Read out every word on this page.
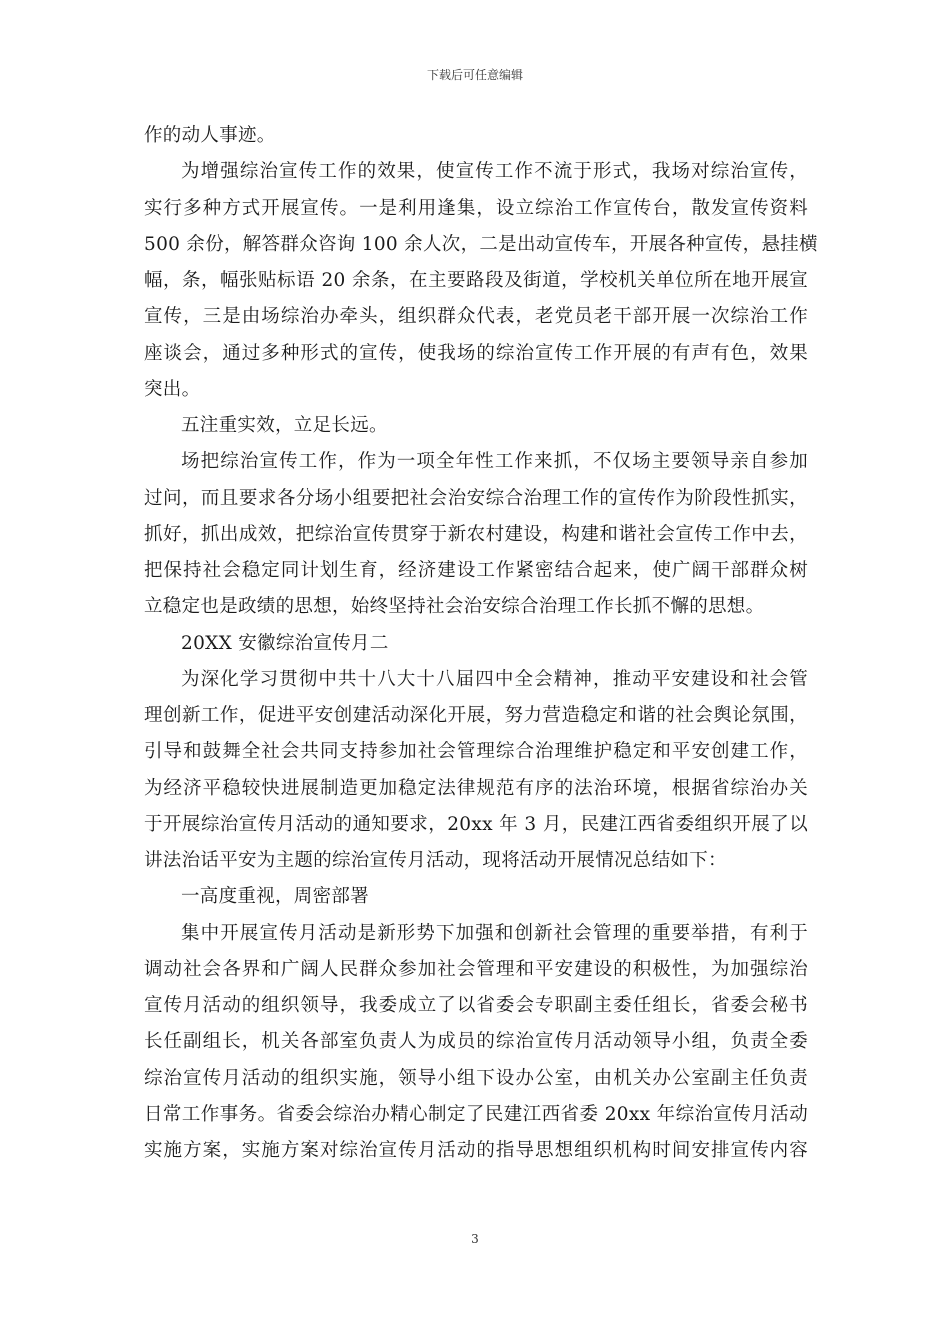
下载后可任意编辑
作的动人事迹。
为增强综治宣传工作的效果，使宣传工作不流于形式，我场对综治宣传，
实行多种方式开展宣传。一是利用逢集，设立综治工作宣传台，散发宣传资料
500 余份，解答群众咨询 100 余人次，二是出动宣传车，开展各种宣传，悬挂横
幅，条，幅张贴标语 20 余条，在主要路段及街道，学校机关单位所在地开展宣
宣传，三是由场综治办牵头，组织群众代表，老党员老干部开展一次综治工作
座谈会，通过多种形式的宣传，使我场的综治宣传工作开展的有声有色，效果
突出。
五注重实效，立足长远。
场把综治宣传工作，作为一项全年性工作来抓，不仅场主要领导亲自参加
过问，而且要求各分场小组要把社会治安综合治理工作的宣传作为阶段性抓实，
抓好，抓出成效，把综治宣传贯穿于新农村建设，构建和谐社会宣传工作中去，
把保持社会稳定同计划生育，经济建设工作紧密结合起来，使广阔干部群众树
立稳定也是政绩的思想，始终坚持社会治安综合治理工作长抓不懈的思想。
20XX 安徽综治宣传月二
为深化学习贯彻中共十八大十八届四中全会精神，推动平安建设和社会管
理创新工作，促进平安创建活动深化开展，努力营造稳定和谐的社会舆论氛围，
引导和鼓舞全社会共同支持参加社会管理综合治理维护稳定和平安创建工作，
为经济平稳较快进展制造更加稳定法律规范有序的法治环境，根据省综治办关
于开展综治宣传月活动的通知要求，20xx 年 3 月，民建江西省委组织开展了以
讲法治话平安为主题的综治宣传月活动，现将活动开展情况总结如下：
一高度重视，周密部署
集中开展宣传月活动是新形势下加强和创新社会管理的重要举措，有利于
调动社会各界和广阔人民群众参加社会管理和平安建设的积极性，为加强综治
宣传月活动的组织领导，我委成立了以省委会专职副主委任组长，省委会秘书
长任副组长，机关各部室负责人为成员的综治宣传月活动领导小组，负责全委
综治宣传月活动的组织实施，领导小组下设办公室，由机关办公室副主任负责
日常工作事务。省委会综治办精心制定了民建江西省委 20xx 年综治宣传月活动
实施方案，实施方案对综治宣传月活动的指导思想组织机构时间安排宣传内容
3
